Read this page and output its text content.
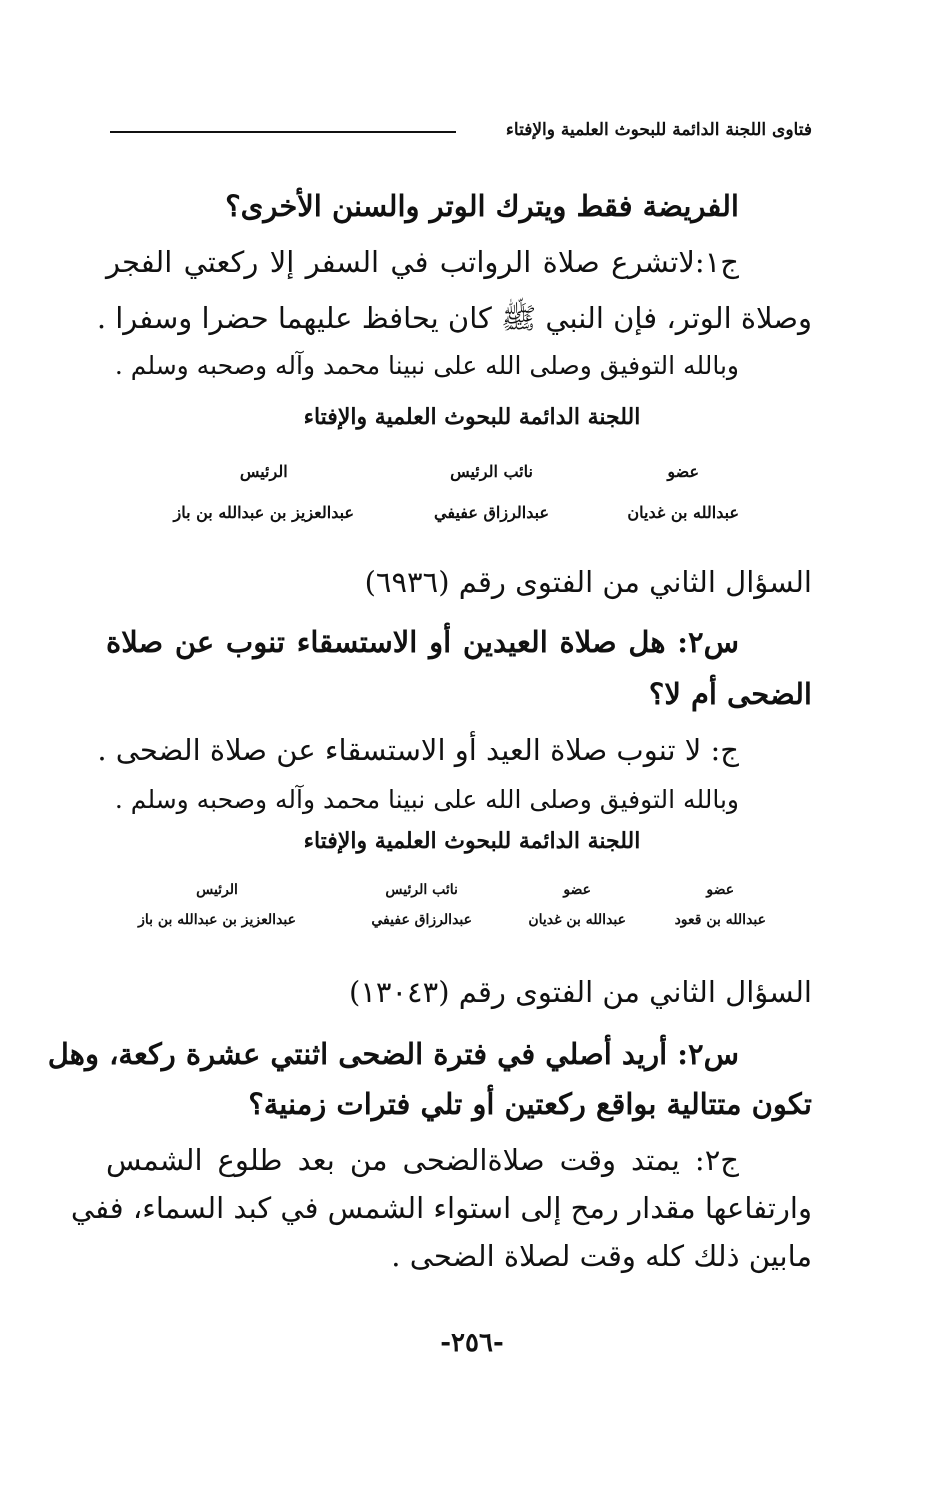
فتاوى اللجنة الدائمة للبحوث العلمية والإفتاء
الفريضة فقط ويترك الوتر والسنن الأخرى؟
ج١:لاتشرع صلاة الرواتب في السفر إلا ركعتي الفجر
وصلاة الوتر، فإن النبي ﷺ كان يحافظ عليهما حضرا وسفرا .
وبالله التوفيق وصلى الله على نبينا محمد وآله وصحبه وسلم .
اللجنة الدائمة للبحوث العلمية والإفتاء
عضو
عبدالله بن غديان
نائب الرئيس
عبدالرزاق عفيفي
الرئيس
عبدالعزيز بن عبدالله بن باز
السؤال الثاني من الفتوى رقم (٦٩٣٦)
س٢: هل صلاة العيدين أو الاستسقاء تنوب عن صلاة
الضحى أم لا؟
ج: لا تنوب صلاة العيد أو الاستسقاء عن صلاة الضحى .
وبالله التوفيق وصلى الله على نبينا محمد وآله وصحبه وسلم .
اللجنة الدائمة للبحوث العلمية والإفتاء
عضو
عبدالله بن قعود
عضو
عبدالله بن غديان
نائب الرئيس
عبدالرزاق عفيفي
الرئيس
عبدالعزيز بن عبدالله بن باز
السؤال الثاني من الفتوى رقم (١٣٠٤٣)
س٢: أريد أصلي في فترة الضحى اثنتي عشرة ركعة، وهل
تكون متتالية بواقع ركعتين أو تلي فترات زمنية؟
ج٢: يمتد وقت صلاةالضحى من بعد طلوع الشمس
وارتفاعها مقدار رمح إلى استواء الشمس في كبد السماء، ففي
مابين ذلك كله وقت لصلاة الضحى .
-٢٥٦-
